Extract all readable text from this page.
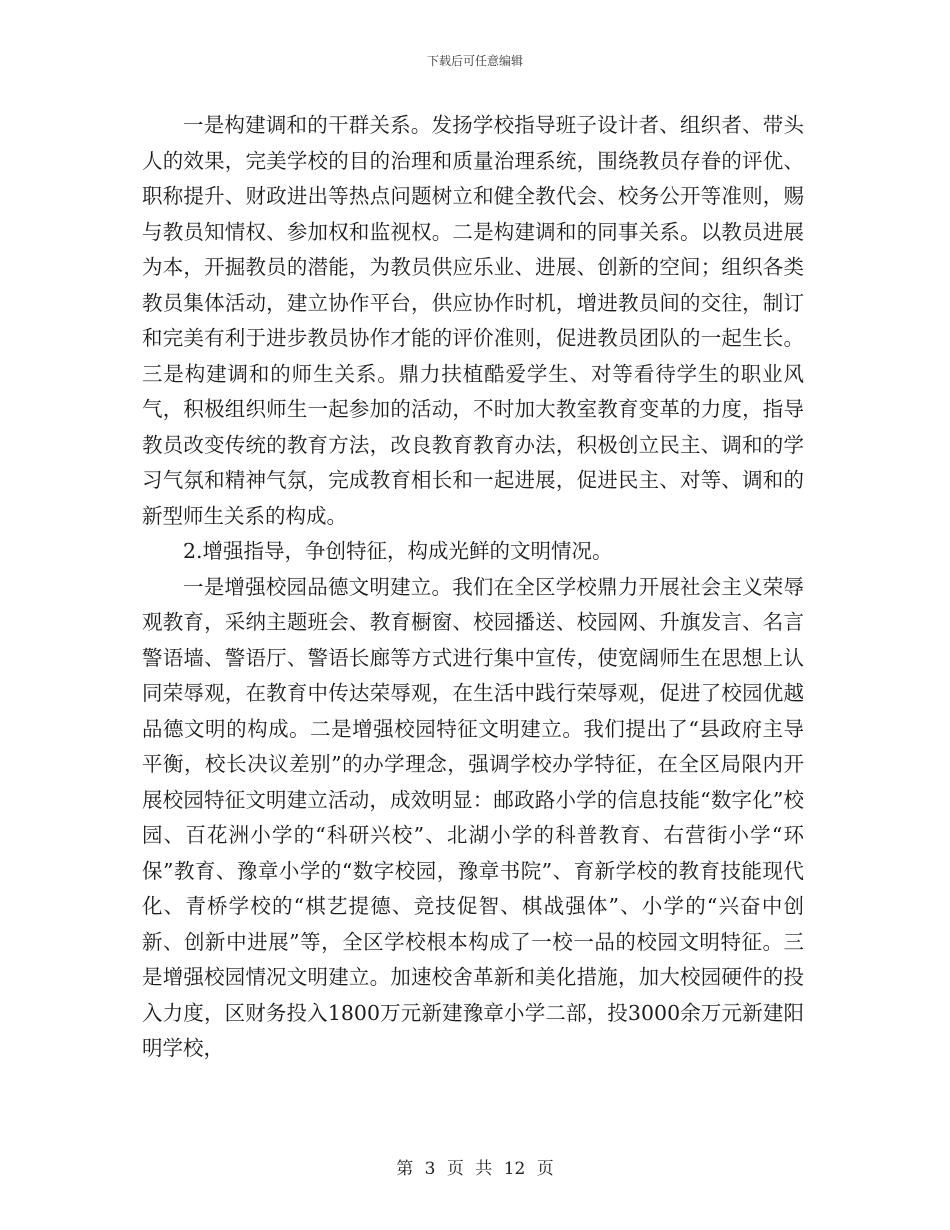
下载后可任意编辑

一是构建调和的干群关系。发扬学校指导班子设计者、组织者、带头人的效果，完美学校的目的治理和质量治理系统，围绕教员存眷的评优、职称提升、财政进出等热点问题树立和健全教代会、校务公开等准则，赐与教员知情权、参加权和监视权。二是构建调和的同事关系。以教员进展为本，开掘教员的潜能，为教员供应乐业、进展、创新的空间；组织各类教员集体活动，建立协作平台，供应协作时机，增进教员间的交往，制订和完美有利于进步教员协作才能的评价准则，促进教员团队的一起生长。三是构建调和的师生关系。鼎力扶植酷爱学生、对等看待学生的职业风气，积极组织师生一起参加的活动，不时加大教室教育变革的力度，指导教员改变传统的教育方法，改良教育教育办法，积极创立民主、调和的学习气氛和精神气氛，完成教育相长和一起进展，促进民主、对等、调和的新型师生关系的构成。

2.增强指导，争创特征，构成光鲜的文明情况。

一是增强校园品德文明建立。我们在全区学校鼎力开展社会主义荣辱观教育，采纳主题班会、教育橱窗、校园播送、校园网、升旗发言、名言警语墙、警语厅、警语长廊等方式进行集中宣传，使宽阔师生在思想上认同荣辱观，在教育中传达荣辱观，在生活中践行荣辱观，促进了校园优越品德文明的构成。二是增强校园特征文明建立。我们提出了“县政府主导平衡，校长决议差别”的办学理念，强调学校办学特征，在全区局限内开展校园特征文明建立活动，成效明显：邮政路小学的信息技能“数字化”校园、百花洲小学的“科研兴校”、北湖小学的科普教育、右营街小学“环保”教育、豫章小学的“数字校园，豫章书院”、育新学校的教育技能现代化、青桥学校的“棋艺提德、竞技促智、棋战强体”、小学的“兴奋中创新、创新中进展”等，全区学校根本构成了一校一品的校园文明特征。三是增强校园情况文明建立。加速校舍革新和美化措施，加大校园硬件的投入力度，区财务投入1800万元新建豫章小学二部，投3000余万元新建阳明学校，

第 3 页 共 12 页
